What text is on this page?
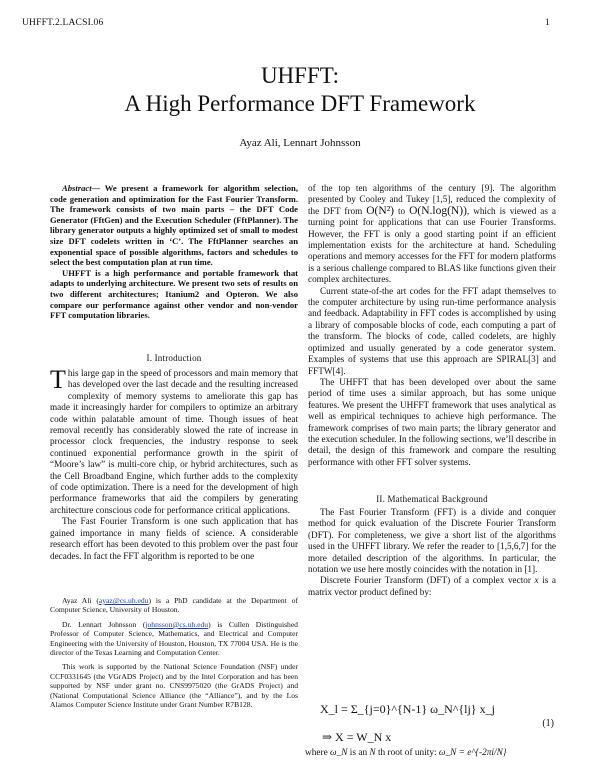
UHFFT.2.LACSI.06	1
UHFFT:
A High Performance DFT Framework
Ayaz Ali, Lennart Johnsson

Abstract— We present a framework for algorithm selection, code generation and optimization for the Fast Fourier Transform. The framework consists of two main parts – the DFT Code Generator (FftGen) and the Execution Scheduler (FftPlanner). The library generator outputs a highly optimized set of small to modest size DFT codelets written in ‘C’. The FftPlanner searches an exponential space of possible algorithms, factors and schedules to select the best computation plan at run time.

UHFFT is a high performance and portable framework that adapts to underlying architecture. We present two sets of results on two different architectures; Itanium2 and Opteron. We also compare our performance against other vendor and non-vendor FFT computation libraries.

I. Introduction

This large gap in the speed of processors and main memory that has developed over the last decade and the resulting increased complexity of memory systems to ameliorate this gap has made it increasingly harder for compilers to optimize an arbitrary code within palatable amount of time. Though issues of heat removal recently has considerably slowed the rate of increase in processor clock frequencies, the industry response to seek continued exponential performance growth in the spirit of “Moore’s law” is multi-core chip, or hybrid architectures, such as the Cell Broadband Engine, which further adds to the complexity of code optimization. There is a need for the development of high performance frameworks that aid the compilers by generating architecture conscious code for performance critical applications.

The Fast Fourier Transform is one such application that has gained importance in many fields of science. A considerable research effort has been devoted to this problem over the past four decades. In fact the FFT algorithm is reported to be one

Ayaz Ali (ayaz@cs.uh.edu) is a PhD candidate at the Department of Computer Science, University of Houston.

Dr. Lennart Johnsson (johnsson@cs.uh.edu) is Cullen Distinguished Professor of Computer Science, Mathematics, and Electrical and Computer Engineering with the University of Houston, Houston, TX 77004 USA. He is the director of the Texas Learning and Computation Center.

This work is supported by the National Science Foundation (NSF) under CCF0331645 (the VGrADS Project) and by the Intel Corporation and has been supported by NSF under grant no. CNS9975020 (the GrADS Project) and (National Computational Science Alliance (the “Alliance”), and by the Los Alamos Computer Science Institute under Grant Number R7B128.

of the top ten algorithms of the century [9]. The algorithm presented by Cooley and Tukey [1,5], reduced the complexity of the DFT from O(N²) to O(N.log(N)), which is viewed as a turning point for applications that can use Fourier Transforms. However, the FFT is only a good starting point if an efficient implementation exists for the architecture at hand. Scheduling operations and memory accesses for the FFT for modern platforms is a serious challenge compared to BLAS like functions given their complex architectures.

Current state-of-the art codes for the FFT adapt themselves to the computer architecture by using run-time performance analysis and feedback. Adaptability in FFT codes is accomplished by using a library of composable blocks of code, each computing a part of the transform. The blocks of code, called codelets, are highly optimized and usually generated by a code generator system. Examples of systems that use this approach are SPIRAL[3] and FFTW[4].

The UHFFT that has been developed over about the same period of time uses a similar approach, but has some unique features. We present the UHFFT framework that uses analytical as well as empirical techniques to achieve high performance. The framework comprises of two main parts; the library generator and the execution scheduler. In the following sections, we’ll describe in detail, the design of this framework and compare the resulting performance with other FFT solver systems.

II. Mathematical Background

The Fast Fourier Transform (FFT) is a divide and conquer method for quick evaluation of the Discrete Fourier Transform (DFT). For completeness, we give a short list of the algorithms used in the UHFFT library. We refer the reader to [1,5,6,7] for the more detailed description of the algorithms. In particular, the notation we use here mostly coincides with the notation in [1].

Discrete Fourier Transform (DFT) of a complex vector x is a matrix vector product defined by:

X_l = Σ_{j=0}^{N-1} ω_N^{lj} x_j
⇒ X = W_N x
(1)
where ω_N is an N th root of unity: ω_N = e^{-2πi/N}
